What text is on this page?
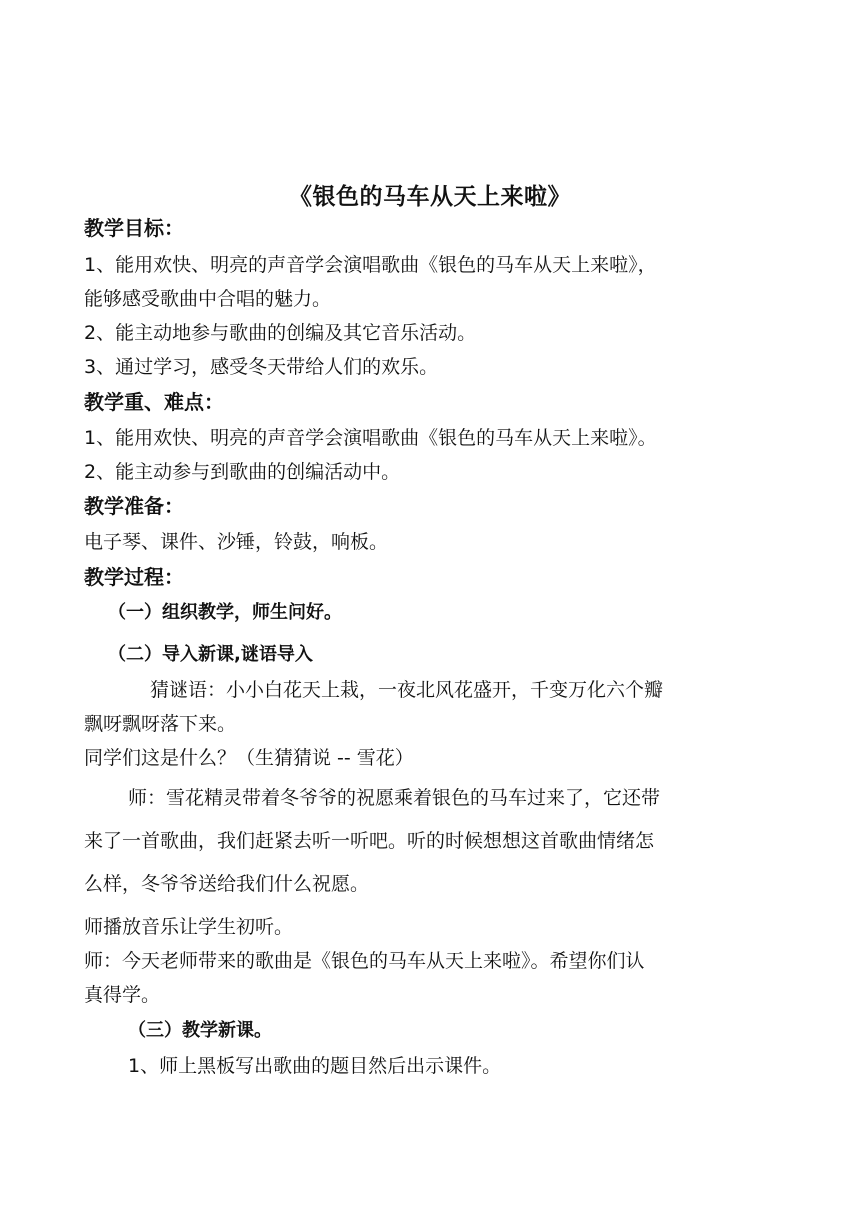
《银色的马车从天上来啦》
教学目标：
1、能用欢快、明亮的声音学会演唱歌曲《银色的马车从天上来啦》，
能够感受歌曲中合唱的魅力。
2、能主动地参与歌曲的创编及其它音乐活动。
3、通过学习，感受冬天带给人们的欢乐。
教学重、难点：
1、能用欢快、明亮的声音学会演唱歌曲《银色的马车从天上来啦》。
2、能主动参与到歌曲的创编活动中。
教学准备：
电子琴、课件、沙锤，铃鼓，响板。
教学过程：
（一）组织教学，师生问好。
（二）导入新课,谜语导入
猜谜语：小小白花天上栽，一夜北风花盛开，千变万化六个瓣
飘呀飘呀落下来。
同学们这是什么？（生猜猜说 -- 雪花）
师：雪花精灵带着冬爷爷的祝愿乘着银色的马车过来了，它还带
来了一首歌曲，我们赶紧去听一听吧。听的时候想想这首歌曲情绪怎
么样，冬爷爷送给我们什么祝愿。
师播放音乐让学生初听。
师：今天老师带来的歌曲是《银色的马车从天上来啦》。希望你们认
真得学。
（三）教学新课。
1、师上黑板写出歌曲的题目然后出示课件。
